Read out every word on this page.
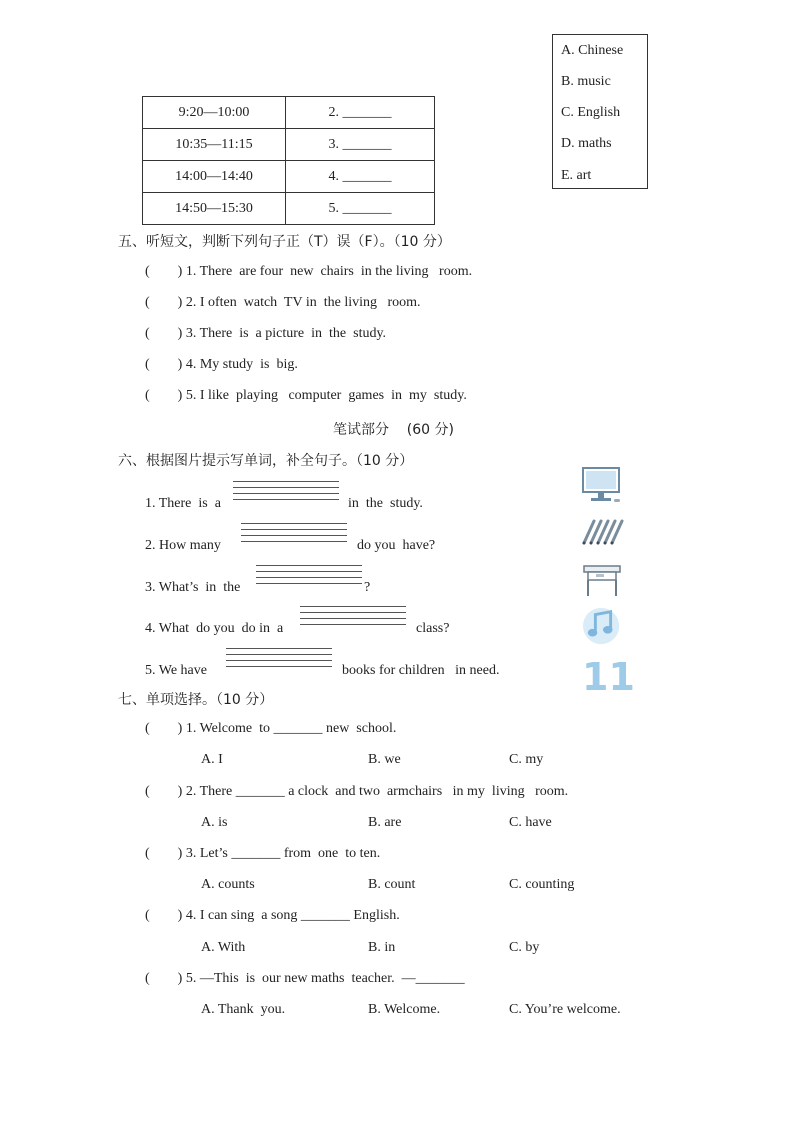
9:20—10:00	2. _______
10:35—11:15	3. _______
14:00—14:40	4. _______
14:50—15:30	5. _______
A. Chinese
B. music
C. English
D. maths
E. art
五、听短文，判断下列句子正（T）误（F）。（10 分）
(        ) 1. There  are four  new  chairs  in the living   room.
(        ) 2. I often  watch  TV in  the living   room.
(        ) 3. There  is  a picture  in  the  study.
(        ) 4. My study  is  big.
(        ) 5. I like  playing   computer  games  in  my  study.
笔试部分    (60 分)
六、根据图片提示写单词，补全句子。（10 分）
1. There  is  a	in  the  study.
2. How many	do you  have?
3. What’s  in  the	?
4. What  do you  do in  a	class?
5. We have	books for children   in need. 11
七、单项选择。（10 分）
(        ) 1. Welcome  to _______ new  school.
A. I	B. we	C. my
(        ) 2. There _______ a clock  and two  armchairs   in my  living   room.
A. is	B. are	C. have
(        ) 3. Let’s _______ from  one  to ten.
A. counts	B. count	C. counting
(        ) 4. I can sing  a song _______ English.
A. With	B. in	C. by
(        ) 5. —This  is  our new maths  teacher.  —_______
A. Thank  you.	B. Welcome.	C. You’re welcome.
